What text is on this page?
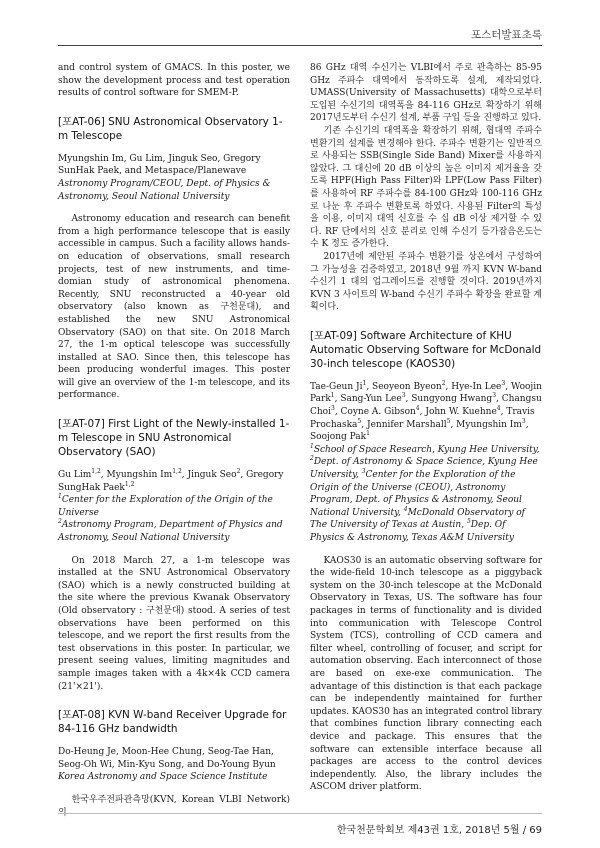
포스터발표초록

and control system of GMACS. In this poster, we show the development process and test operation results of control software for SMEM-P.

[포AT-06] SNU Astronomical Observatory 1-m Telescope

Myungshin Im, Gu Lim, Jinguk Seo, Gregory SunHak Paek, and Metaspace/Planewave

Astronomy Program/CEOU, Dept. of Physics & Astronomy, Seoul National University

Astronomy education and research can benefit from a high performance telescope that is easily accessible in campus. Such a facility allows hands-on education of observations, small research projects, test of new instruments, and time-domian study of astronomical phenomena. Recently, SNU reconstructed a 40-year old observatory (also known as 구천문대), and established the new SNU Astronomical Observatory (SAO) on that site. On 2018 March 27, the 1-m optical telescope was successfully installed at SAO. Since then, this telescope has been producing wonderful images. This poster will give an overview of the 1-m telescope, and its performance.

[포AT-07] First Light of the Newly-installed 1-m Telescope in SNU Astronomical Observatory (SAO)

Gu Lim$^{1,2}$, Myungshin Im$^{1,2}$, Jinguk Seo$^2$, Gregory SungHak Paek$^{1,2}$

$^1$Center for the Exploration of the Origin of the Universe

$^2$Astronomy Program, Department of Physics and Astronomy, Seoul National University

On 2018 March 27, a 1-m telescope was installed at the SNU Astronomical Observatory (SAO) which is a newly constructed building at the site where the previous Kwanak Observatory (Old observatory : 구천문대) stood. A series of test observations have been performed on this telescope, and we report the first results from the test observations in this poster. In particular, we present seeing values, limiting magnitudes and sample images taken with a 4k×4k CCD camera (21'×21').

[포AT-08] KVN W-band Receiver Upgrade for 84-116 GHz bandwidth

Do-Heung Je, Moon-Hee Chung, Seog-Tae Han, Seog-Oh Wi, Min-Kyu Song, and Do-Young Byun

Korea Astronomy and Space Science Institute

한국우주전파관측망(KVN, Korean VLBI Network)의

86 GHz 대역 수신기는 VLBI에서 주로 관측하는 85-95 GHz 주파수 대역에서 동작하도록 설계, 제작되었다. UMASS(University of Massachusetts) 대학으로부터 도입된 수신기의 대역폭을 84-116 GHz로 확장하기 위해 2017년도부터 수신기 설계, 부품 구입 등을 진행하고 있다.

기존 수신기의 대역폭을 확장하기 위해, 협대역 주파수 변환기의 설계를 변경해야 한다. 주파수 변환기는 일반적으로 사용되는 SSB(Single Side Band) Mixer를 사용하지 않았다. 그 대신에 20 dB 이상의 높은 이미지 제거율을 갖도록 HPF(High Pass Filter)와 LPF(Low Pass Filter)를 사용하여 RF 주파수를 84-100 GHz와 100-116 GHz로 나눈 후 주파수 변환토록 하였다. 사용된 Filter의 특성을 이용, 이미지 대역 신호를 수 십 dB 이상 제거할 수 있다. RF 단에서의 신호 분리로 인해 수신기 등가잡음온도는 수 K 정도 증가한다.

2017년에 제안된 주파수 변환기를 상온에서 구성하여 그 가능성을 검증하였고, 2018년 9월 까지 KVN W-band 수신기 1 대의 업그레이드를 진행할 것이다. 2019년까지 KVN 3 사이트의 W-band 수신기 주파수 확장을 완료할 계획이다.

[포AT-09] Software Architecture of KHU Automatic Observing Software for McDonald 30-inch telescope (KAOS30)

Tae-Geun Ji$^1$, Seoyeon Byeon$^2$, Hye-In Lee$^3$, Woojin Park$^1$, Sang-Yun Lee$^3$, Sungyong Hwang$^3$, Changsu Choi$^3$, Coyne A. Gibson$^4$, John W. Kuehne$^4$, Travis Prochaska$^5$, Jennifer Marshall$^5$, Myungshin Im$^3$, Soojong Pak$^1$

$^1$School of Space Research, Kyung Hee University, $^2$Dept. of Astronomy & Space Science, Kyung Hee University, $^3$Center for the Exploration of the Origin of the Universe (CEOU), Astronomy Program, Dept. of Physics & Astronomy, Seoul National University, $^4$McDonald Observatory of The University of Texas at Austin, $^5$Dep. Of Physics & Astronomy, Texas A&M University

KAOS30 is an automatic observing software for the wide-field 10-inch telescope as a piggyback system on the 30-inch telescope at the McDonald Observatory in Texas, US. The software has four packages in terms of functionality and is divided into communication with Telescope Control System (TCS), controlling of CCD camera and filter wheel, controlling of focuser, and script for automation observing. Each interconnect of those are based on exe-exe communication. The advantage of this distinction is that each package can be independently maintained for further updates. KAOS30 has an integrated control library that combines function library connecting each device and package. This ensures that the software can extensible interface because all packages are access to the control devices independently. Also, the library includes the ASCOM driver platform.

한국천문학회보 제43권 1호, 2018년 5월 / 69
